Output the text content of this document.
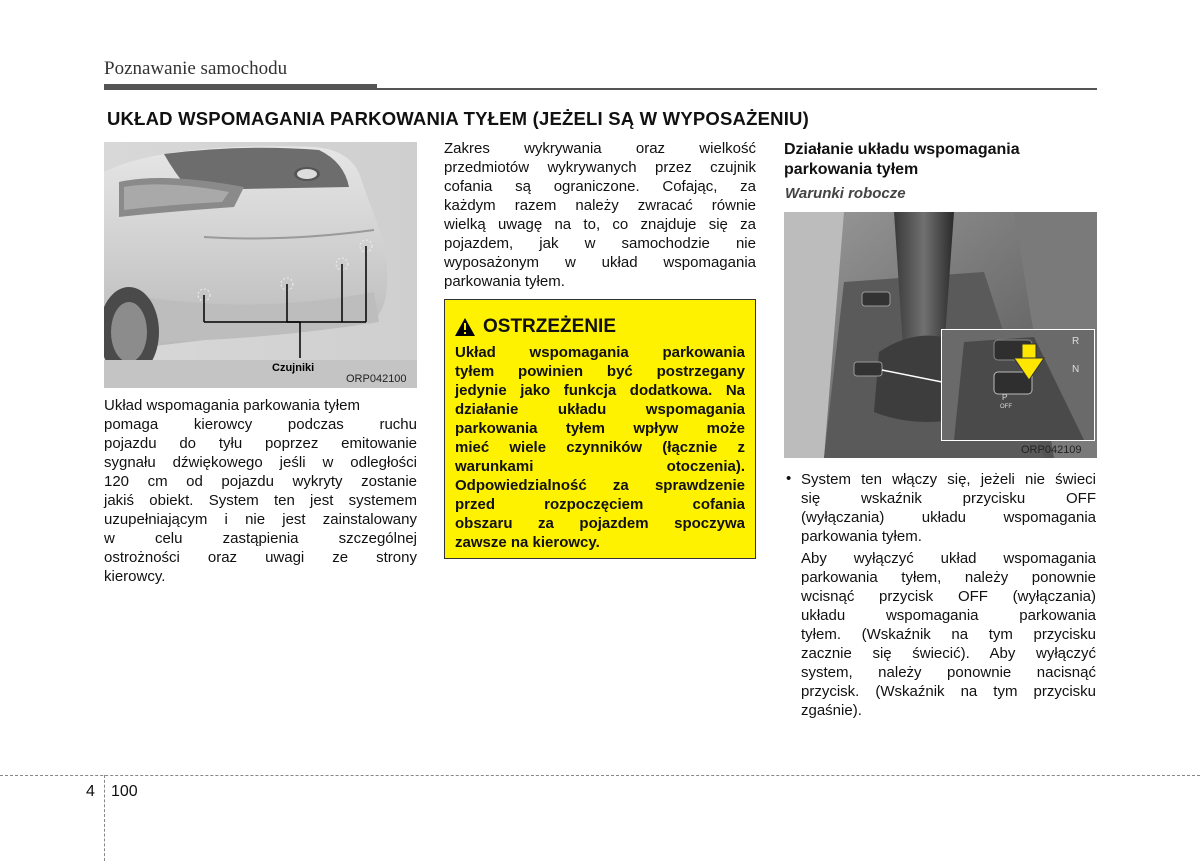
Poznawanie samochodu
UKŁAD WSPOMAGANIA PARKOWANIA TYŁEM (JEŻELI SĄ W WYPOSAŻENIU)
Czujniki
ORP042100
Układ wspomagania parkowania tyłem
pomaga kierowcy podczas ruchu
pojazdu do tyłu poprzez emitowanie
sygnału dźwiękowego jeśli w odległości
120 cm od pojazdu wykryty zostanie
jakiś obiekt. System ten jest systemem
uzupełniającym i nie jest zainstalowany
w celu zastąpienia szczególnej
ostrożności oraz uwagi ze strony
kierowcy.
Zakres wykrywania oraz wielkość
przedmiotów wykrywanych przez czujnik
cofania są ograniczone. Cofając, za
każdym razem należy zwracać równie
wielką uwagę na to, co znajduje się za
pojazdem, jak w samochodzie nie
wyposażonym w układ wspomagania
parkowania tyłem.
OSTRZEŻENIE
Układ wspomagania parkowania
tyłem powinien być postrzegany
jedynie jako funkcja dodatkowa. Na
działanie układu wspomagania
parkowania tyłem wpływ może
mieć wiele czynników (łącznie z
warunkami otoczenia).
Odpowiedzialność za sprawdzenie
przed rozpoczęciem cofania
obszaru za pojazdem spoczywa
zawsze na kierowcy.
Działanie układu wspomagania
parkowania tyłem
Warunki robocze
R
N
P
OFF
ORP042109
• System ten włączy się, jeżeli nie świeci
się wskaźnik przycisku OFF
(wyłączania) układu wspomagania
parkowania tyłem.
Aby wyłączyć układ wspomagania
parkowania tyłem, należy ponownie
wcisnąć przycisk OFF (wyłączania)
układu wspomagania parkowania
tyłem. (Wskaźnik na tym przycisku
zacznie się świecić). Aby wyłączyć
system, należy ponownie nacisnąć
przycisk. (Wskaźnik na tym przycisku
zgaśnie).
4 100
